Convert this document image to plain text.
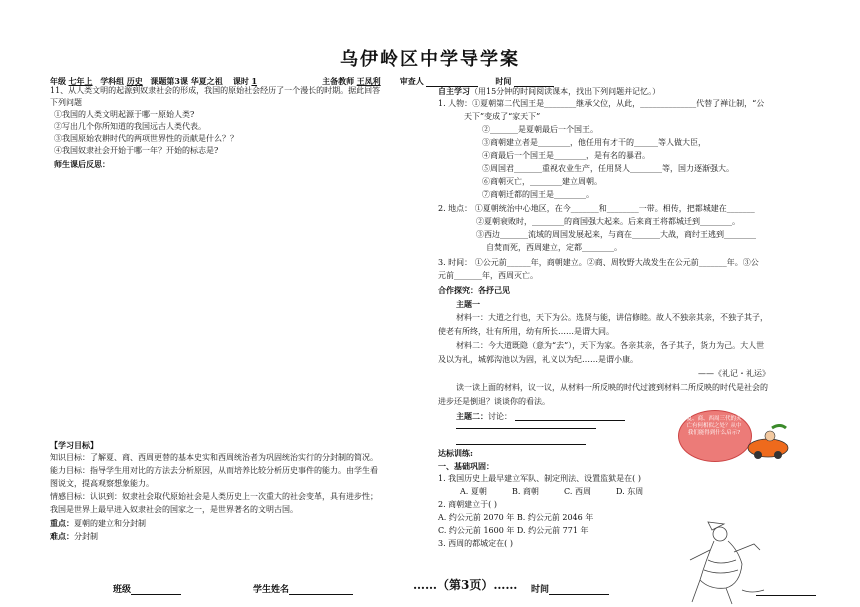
乌伊岭区中学导学案
年级 七年上 学科组 历史 课题第3课 华夏之祖 课时 1	主备教师 王凤利 审查人	时间

11、从人类文明的起源到奴隶社会的形成，我国的原始社会经历了一个漫长的时期。据此回答

下列问题

①我国的人类文明起源于哪一原始人类?

②写出几个你所知道的我国远古人类代表。

③我国原始农耕时代的两项世界性的贡献是什么？？

④我国奴隶社会开始于哪一年？开始的标志是?

师生课后反思：

【学习目标】

知识目标：了解夏、商、西周更替的基本史实和西周统治者为巩固统治实行的分封制的简况。

能力目标：指导学生用对比的方法去分析原因，从而培养比较分析历史事件的能力。由学生看

图说文，提高观察想象能力。

情感目标：认识到：奴隶社会取代原始社会是人类历史上一次重大的社会变革，具有进步性；

我国是世界上最早进入奴隶社会的国家之一，是世界著名的文明古国。

重点：夏朝的建立和分封制

难点：分封制

自主学习（用15分钟的时间阅读课本，找出下列问题并记忆。）

1. 人物：①夏朝第二代国王是________继承父位，从此，______________代替了禅让制，“公

天下”变成了“家天下”

②_______是夏朝最后一个国王。

③商朝建立者是________，他任用有才干的______等人做大臣，

④商最后一个国王是________，是有名的暴君。

⑤周国君_______重视农业生产，任用贤人________等，国力逐渐强大。

⑥商朝灭亡，________建立周朝。

⑦商朝迁都的国王是________。

2. 地点： ①夏朝统治中心地区，在今_______和________一带。相传，把都城建在_______

②夏朝衰败时，________的商国强大起来。后来商王将都城迁到________。

③西边_______流域的周国发展起来，与商在_______大战，商纣王逃到________

自焚而死，西周建立，定都________。

3. 时间： ①公元前______年，商朝建立。②商、周牧野大战发生在公元前_______年。③公

元前_______年，西周灭亡。

合作探究：各抒己见

主题一

材料一：大道之行也，天下为公。选贤与能，讲信修睦。故人不独亲其亲，不独子其子，

使老有所终，壮有所用，幼有所长……是谓大同。

材料二：今大道既隐（意为“去”），天下为家。各亲其亲，各子其子，货力为己。大人世

及以为礼，城郭沟池以为固，礼义以为纪……是谓小康。

——《礼记・礼运》

读一读上面的材料，议一议，从材料一所反映的时代过渡到材料二所反映的时代是社会的

进步还是倒退？谈谈你的看法。

主题二：讨论：

达标训练:

一、基础巩固：

1. 我国历史上最早建立军队、制定刑法、设置监狱是在( )

A. 夏朝	B. 商朝	C. 西周	D. 东周

2. 商朝建立于( )

A. 约公元前 2070 年 B. 约公元前 2046 年

C. 约公元前 1600 年 D. 约公元前 771 年

3. 西周的都城定在( )

夏、商、西周三代的灭亡有何相似之处？从中我们能得到什么启示?
班级	学生姓名	……（第3页）…… 时间
